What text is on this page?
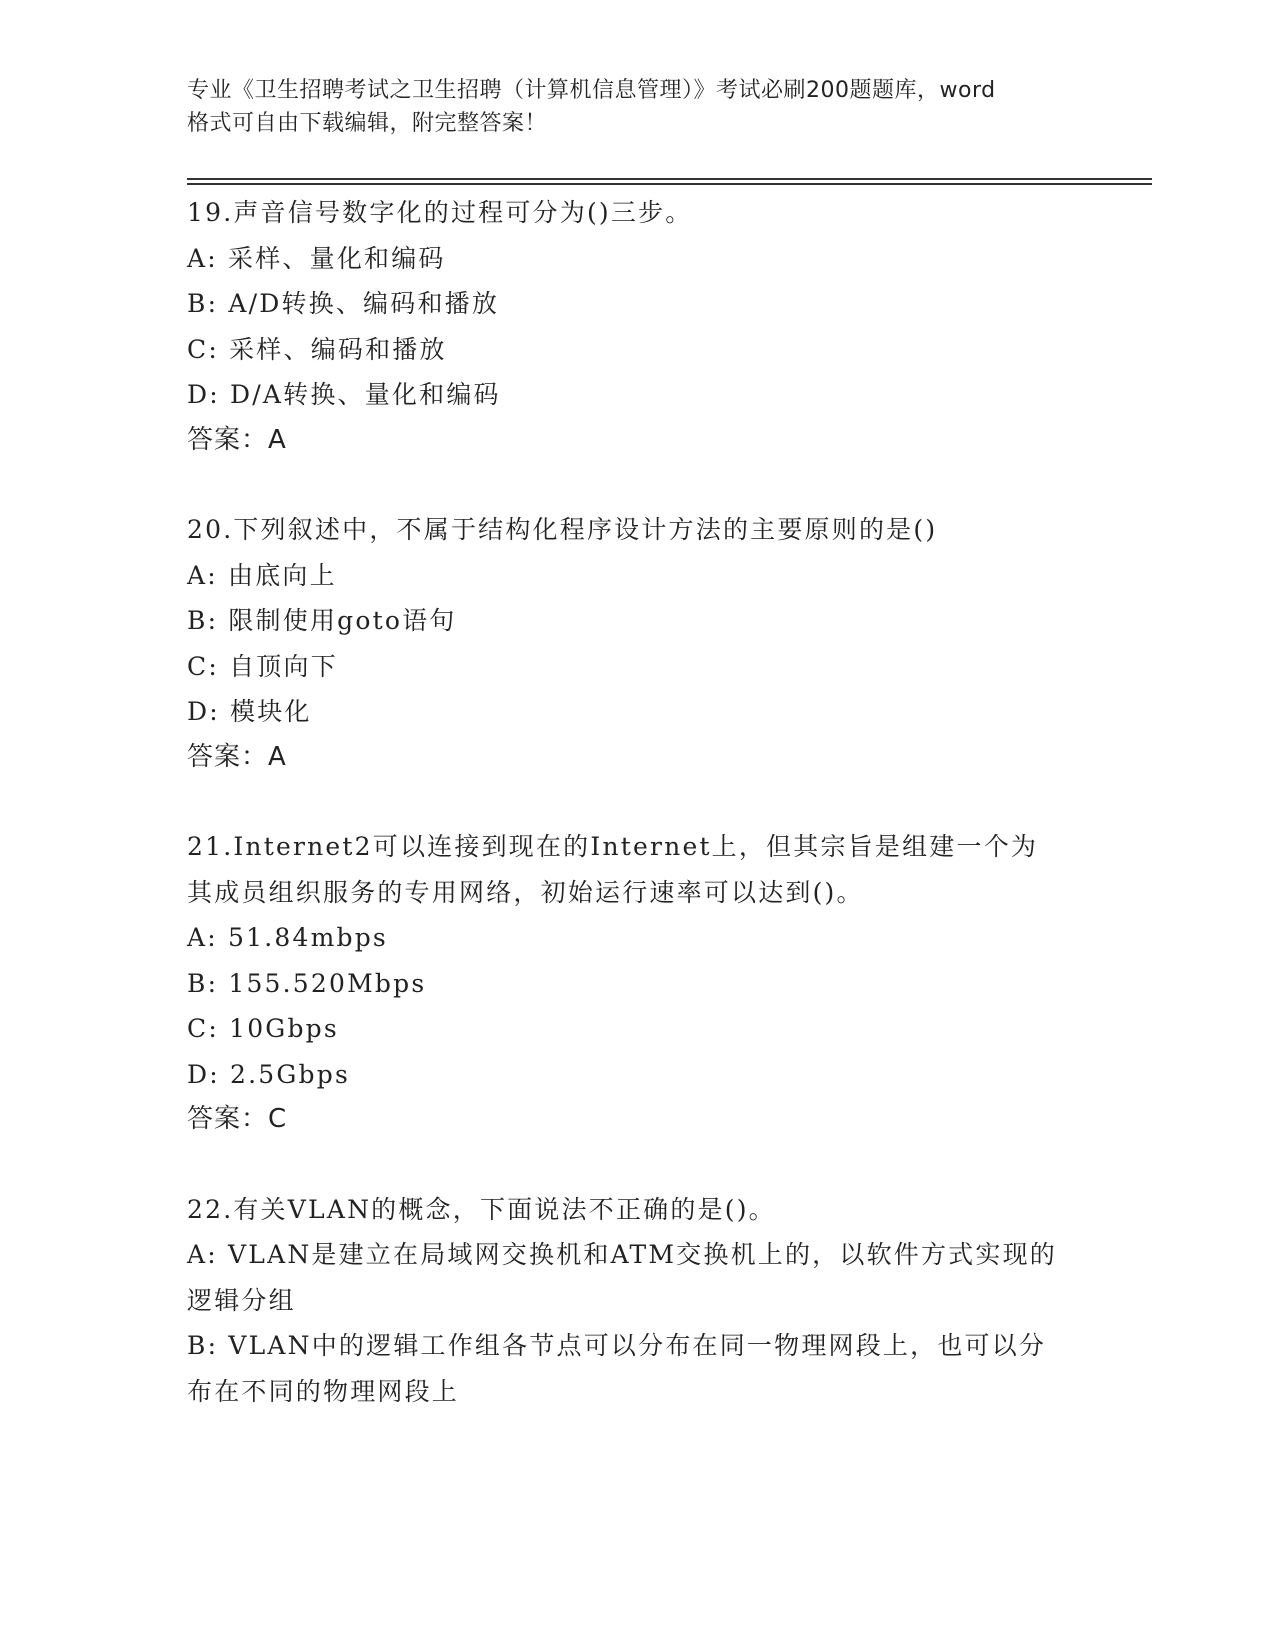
专业《卫生招聘考试之卫生招聘（计算机信息管理）》考试必刷200题题库，word
格式可自由下载编辑，附完整答案！
19.声音信号数字化的过程可分为()三步。
A: 采样、量化和编码
B: A/D转换、编码和播放
C: 采样、编码和播放
D: D/A转换、量化和编码
答案：A
20.下列叙述中，不属于结构化程序设计方法的主要原则的是()
A: 由底向上
B: 限制使用goto语句
C: 自顶向下
D: 模块化
答案：A
21.Internet2可以连接到现在的Internet上，但其宗旨是组建一个为
其成员组织服务的专用网络，初始运行速率可以达到()。
A: 51.84mbps
B: 155.520Mbps
C: 10Gbps
D: 2.5Gbps
答案：C
22.有关VLAN的概念，下面说法不正确的是()。
A: VLAN是建立在局域网交换机和ATM交换机上的，以软件方式实现的
逻辑分组
B: VLAN中的逻辑工作组各节点可以分布在同一物理网段上，也可以分
布在不同的物理网段上
